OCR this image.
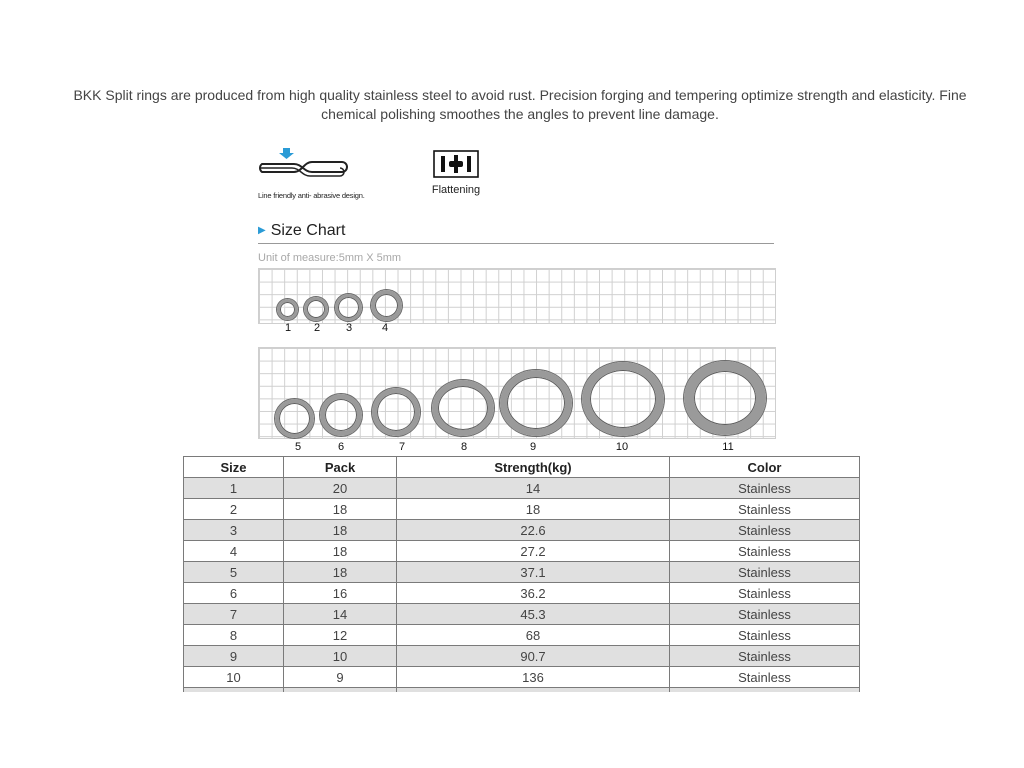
BKK Split rings are produced from high quality stainless steel to avoid rust. Precision forging and tempering optimize strength and elasticity. Fine
chemical polishing smoothes the angles to prevent line damage.
Line friendly anti- abrasive design.	Flattening
▶ Size Chart
Unit of measure:5mm X 5mm
1 2 3	4
5	6	7	8	9	10	11
Size	Pack	Strength(kg)	Color
1	20	14	Stainless
2	18	18	Stainless
3	18	22.6	Stainless
4	18	27.2	Stainless
5	18	37.1	Stainless
6	16	36.2	Stainless
7	14	45.3	Stainless
8	12	68	Stainless
9	10	90.7	Stainless
10	9	136	Stainless
